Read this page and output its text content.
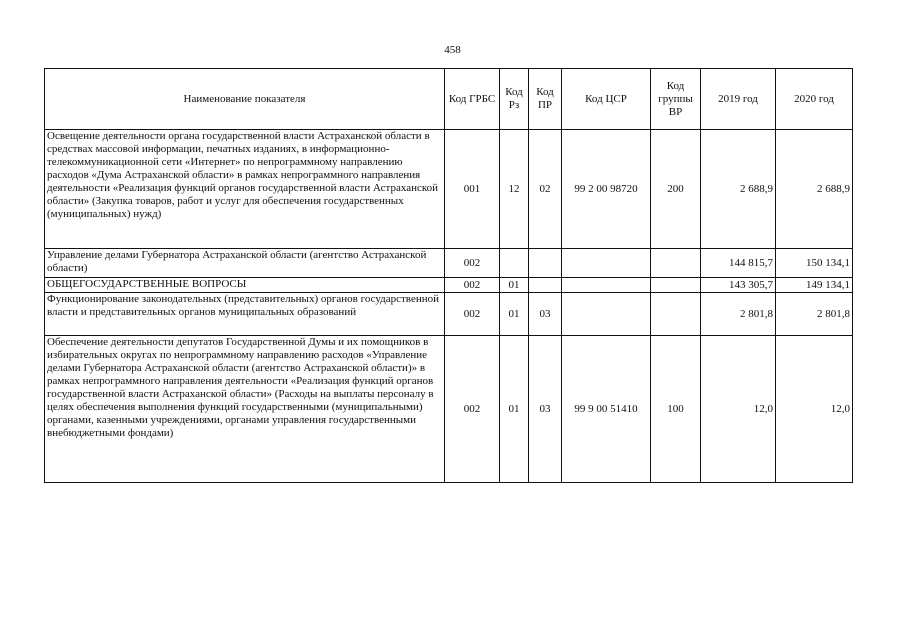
458
Наименование показателя	Код ГРБС	Код Рз	Код ПР	Код ЦСР	Код группы ВР	2019 год	2020 год
Освещение деятельности органа государственной власти Астраханской области в средствах массовой информации, печатных изданиях, в информационно-телекоммуникационной сети «Интернет» по непрограммному направлению расходов «Дума Астраханской области» в рамках непрограммного направления деятельности «Реализация функций органов государственной власти Астраханской области» (Закупка товаров, работ и услуг для обеспечения государственных (муниципальных) нужд)	001	12	02	99 2 00 98720	200	2 688,9	2 688,9
Управление делами Губернатора Астраханской области (агентство Астраханской области)	002					144 815,7	150 134,1
ОБЩЕГОСУДАРСТВЕННЫЕ ВОПРОСЫ	002	01				143 305,7	149 134,1
Функционирование законодательных (представительных) органов государственной власти и представительных органов муниципальных образований	002	01	03			2 801,8	2 801,8
Обеспечение деятельности депутатов Государственной Думы и их помощников в избирательных округах по непрограммному направлению расходов «Управление делами Губернатора Астраханской области (агентство Астраханской области)» в рамках непрограммного направления деятельности «Реализация функций органов государственной власти Астраханской области» (Расходы на выплаты персоналу в целях обеспечения выполнения функций государственными (муниципальными) органами, казенными учреждениями, органами управления государственными внебюджетными фондами)	002	01	03	99 9 00 51410	100	12,0	12,0
